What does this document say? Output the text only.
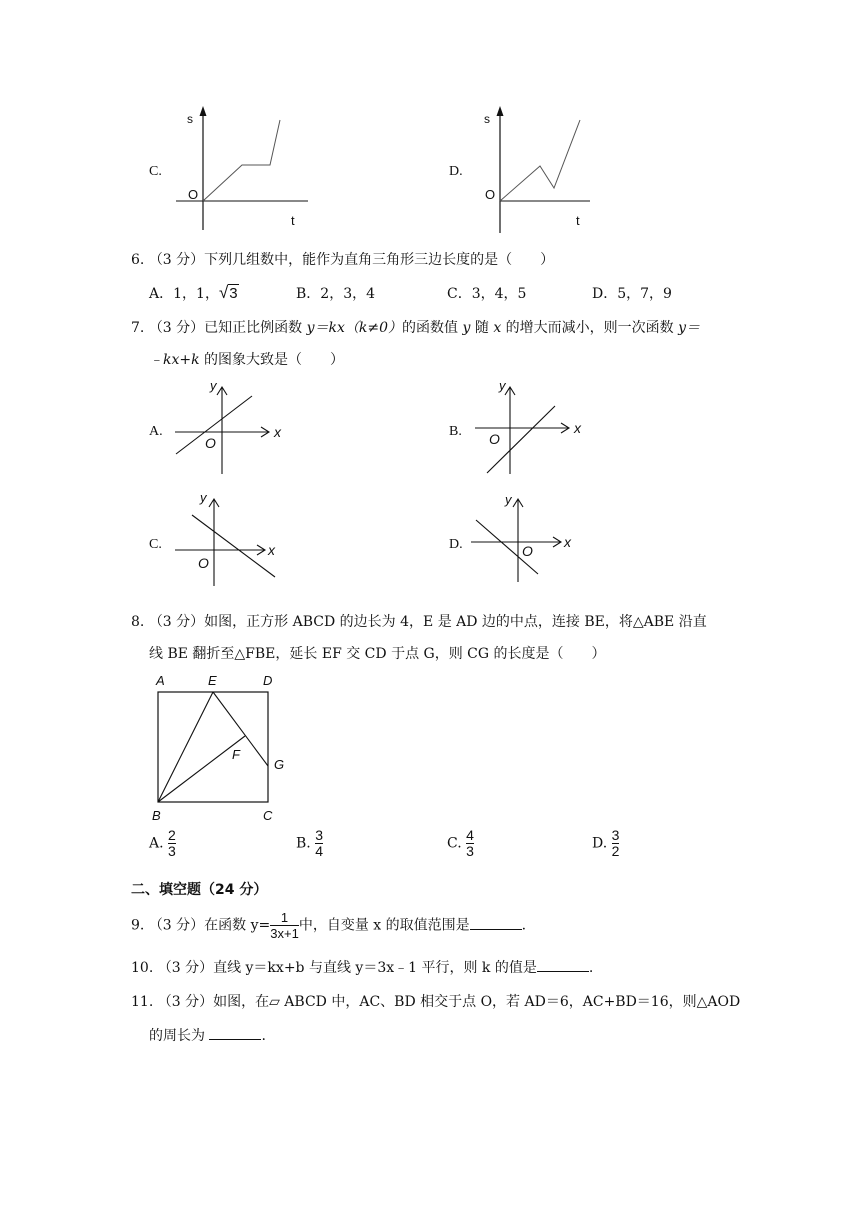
C.
s
t
O
D.
s
t
O
6. （3 分）下列几组数中，能作为直角三角形三边长度的是（　　）
A．1，1，√3	B．2，3，4	C．3，4，5	D．5，7，9
7. （3 分）已知正比例函数 y＝kx（k≠0）的函数值 y 随 x 的增大而减小，则一次函数 y＝
﹣kx+k 的图象大致是（　　）
A.
y
x
O
B.
y
x
O
C.
y
x
O
D.
y
x
O
8. （3 分）如图，正方形 ABCD 的边长为 4，E 是 AD 边的中点，连接 BE，将△ABE 沿直
线 BE 翻折至△FBE，延长 EF 交 CD 于点 G，则 CG 的长度是（　　）
A	E	D
F
G
B	C
A. $\frac{2}{3}$	B. $\frac{3}{4}$	C. $\frac{4}{3}$	D. $\frac{3}{2}$
二、填空题（24 分）
9. （3 分）在函数 $y= \frac{1}{3x+1}$ 中，自变量 x 的取值范围是	.
10. （3 分）直线 y＝kx+b 与直线 y＝3x﹣1 平行，则 k 的值是	.
11. （3 分）如图，在▱ ABCD 中，AC、BD 相交于点 O，若 AD＝6，AC+BD＝16，则△AOD
的周长为	.
